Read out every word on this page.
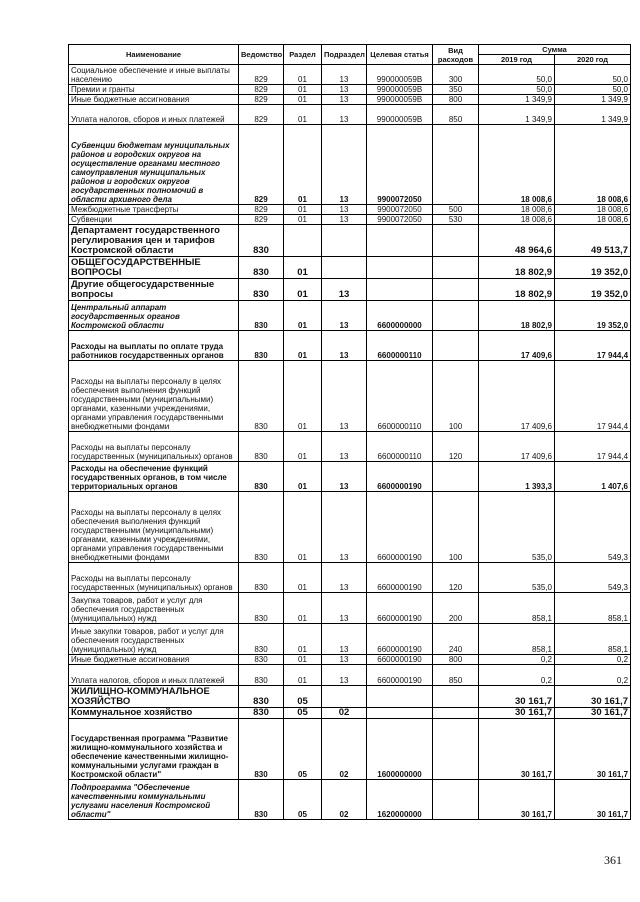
Наименование	Ведомство	Раздел	Подраздел	Целевая статья	Вид расходов	Сумма	
						2019 год	2020 год
Социальное обеспечение и иные выплаты населению	829	01	13	990000059В	300	50,0	50,0
Премии и гранты	829	01	13	990000059В	350	50,0	50,0
Иные бюджетные ассигнования	829	01	13	990000059В	800	1 349,9	1 349,9
Уплата налогов, сборов и иных платежей	829	01	13	990000059В	850	1 349,9	1 349,9
Субвенции бюджетам муниципальных районов и городских округов на осуществление органами местного самоуправления муниципальных районов и городских округов государственных полномочий в области архивного дела	829	01	13	9900072050		18 008,6	18 008,6
Межбюджетные трансферты	829	01	13	9900072050	500	18 008,6	18 008,6
Субвенции	829	01	13	9900072050	530	18 008,6	18 008,6
Департамент государственного регулирования цен и тарифов Костромской области	830					48 964,6	49 513,7
ОБЩЕГОСУДАРСТВЕННЫЕ ВОПРОСЫ	830	01				18 802,9	19 352,0
Другие общегосударственные вопросы	830	01	13			18 802,9	19 352,0
Центральный аппарат государственных органов Костромской области	830	01	13	6600000000		18 802,9	19 352,0
Расходы на выплаты по оплате труда работников государственных органов	830	01	13	6600000110		17 409,6	17 944,4
Расходы на выплаты персоналу в целях обеспечения выполнения функций государственными (муниципальными) органами, казенными учреждениями, органами управления государственными внебюджетными фондами	830	01	13	6600000110	100	17 409,6	17 944,4
Расходы на выплаты персоналу государственных (муниципальных) органов	830	01	13	6600000110	120	17 409,6	17 944,4
Расходы на обеспечение функций государственных органов, в том числе территориальных органов	830	01	13	6600000190		1 393,3	1 407,6
Расходы на выплаты персоналу в целях обеспечения выполнения функций государственными (муниципальными) органами, казенными учреждениями, органами управления государственными внебюджетными фондами	830	01	13	6600000190	100	535,0	549,3
Расходы на выплаты персоналу государственных (муниципальных) органов	830	01	13	6600000190	120	535,0	549,3
Закупка товаров, работ и услуг для обеспечения государственных (муниципальных) нужд	830	01	13	6600000190	200	858,1	858,1
Иные закупки товаров, работ и услуг для обеспечения государственных (муниципальных) нужд	830	01	13	6600000190	240	858,1	858,1
Иные бюджетные ассигнования	830	01	13	6600000190	800	0,2	0,2
Уплата налогов, сборов и иных платежей	830	01	13	6600000190	850	0,2	0,2
ЖИЛИЩНО-КОММУНАЛЬНОЕ ХОЗЯЙСТВО	830	05				30 161,7	30 161,7
Коммунальное хозяйство	830	05	02			30 161,7	30 161,7
Государственная программа "Развитие жилищно-коммунального хозяйства и обеспечение качественными жилищно-коммунальными услугами граждан в Костромской области"	830	05	02	1600000000		30 161,7	30 161,7
Подпрограмма "Обеспечение качественными коммунальными услугами населения Костромской области"	830	05	02	1620000000		30 161,7	30 161,7
361
